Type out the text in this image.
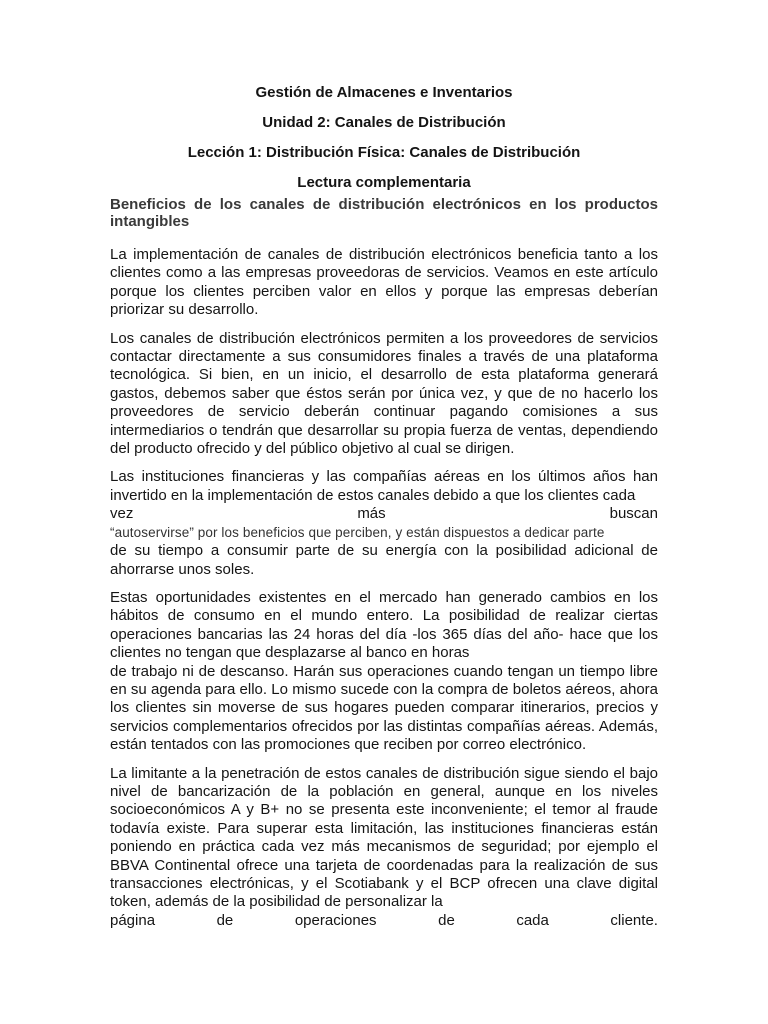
Gestión de Almacenes e Inventarios
Unidad 2: Canales de Distribución
Lección 1: Distribución Física: Canales de Distribución
Lectura complementaria
Beneficios de los canales de distribución electrónicos en los productos intangibles

La implementación de canales de distribución electrónicos beneficia tanto a los clientes como a las empresas proveedoras de servicios. Veamos en este artículo porque los clientes perciben valor en ellos y porque las empresas deberían priorizar su desarrollo.

Los canales de distribución electrónicos permiten a los proveedores de servicios contactar directamente a sus consumidores finales a través de una plataforma tecnológica. Si bien, en un inicio, el desarrollo de esta plataforma generará gastos, debemos saber que éstos serán por única vez, y que de no hacerlo los proveedores de servicio deberán continuar pagando comisiones a sus intermediarios o tendrán que desarrollar su propia fuerza de ventas, dependiendo del producto ofrecido y del público objetivo al cual se dirigen.

Las instituciones financieras y las compañías aéreas en los últimos años han invertido en la implementación de estos canales debido a que los clientes cada
vez	más	buscan
“autoservirse” por los beneficios que perciben, y están dispuestos a dedicar parte
de su tiempo a consumir parte de su energía con la posibilidad adicional de ahorrarse unos soles.

Estas oportunidades existentes en el mercado han generado cambios en los hábitos de consumo en el mundo entero. La posibilidad de realizar ciertas operaciones bancarias las 24 horas del día -los 365 días del año- hace que los clientes no tengan que desplazarse al banco en horas
de trabajo ni de descanso. Harán sus operaciones cuando tengan un tiempo libre en su agenda para ello. Lo mismo sucede con la compra de boletos aéreos, ahora los clientes sin moverse de sus hogares pueden comparar itinerarios, precios y servicios complementarios ofrecidos por las distintas compañías aéreas. Además, están tentados con las promociones que reciben por correo electrónico.

La limitante a la penetración de estos canales de distribución sigue siendo el bajo nivel de bancarización de la población en general, aunque en los niveles socioeconómicos A y B+ no se presenta este inconveniente; el temor al fraude todavía existe. Para superar esta limitación, las instituciones financieras están poniendo en práctica cada vez más mecanismos de seguridad; por ejemplo el BBVA Continental ofrece una tarjeta de coordenadas para la realización de sus transacciones electrónicas, y el Scotiabank y el BCP ofrecen una clave digital token, además de la posibilidad de personalizar la
página	de	operaciones	de	cada	cliente.
